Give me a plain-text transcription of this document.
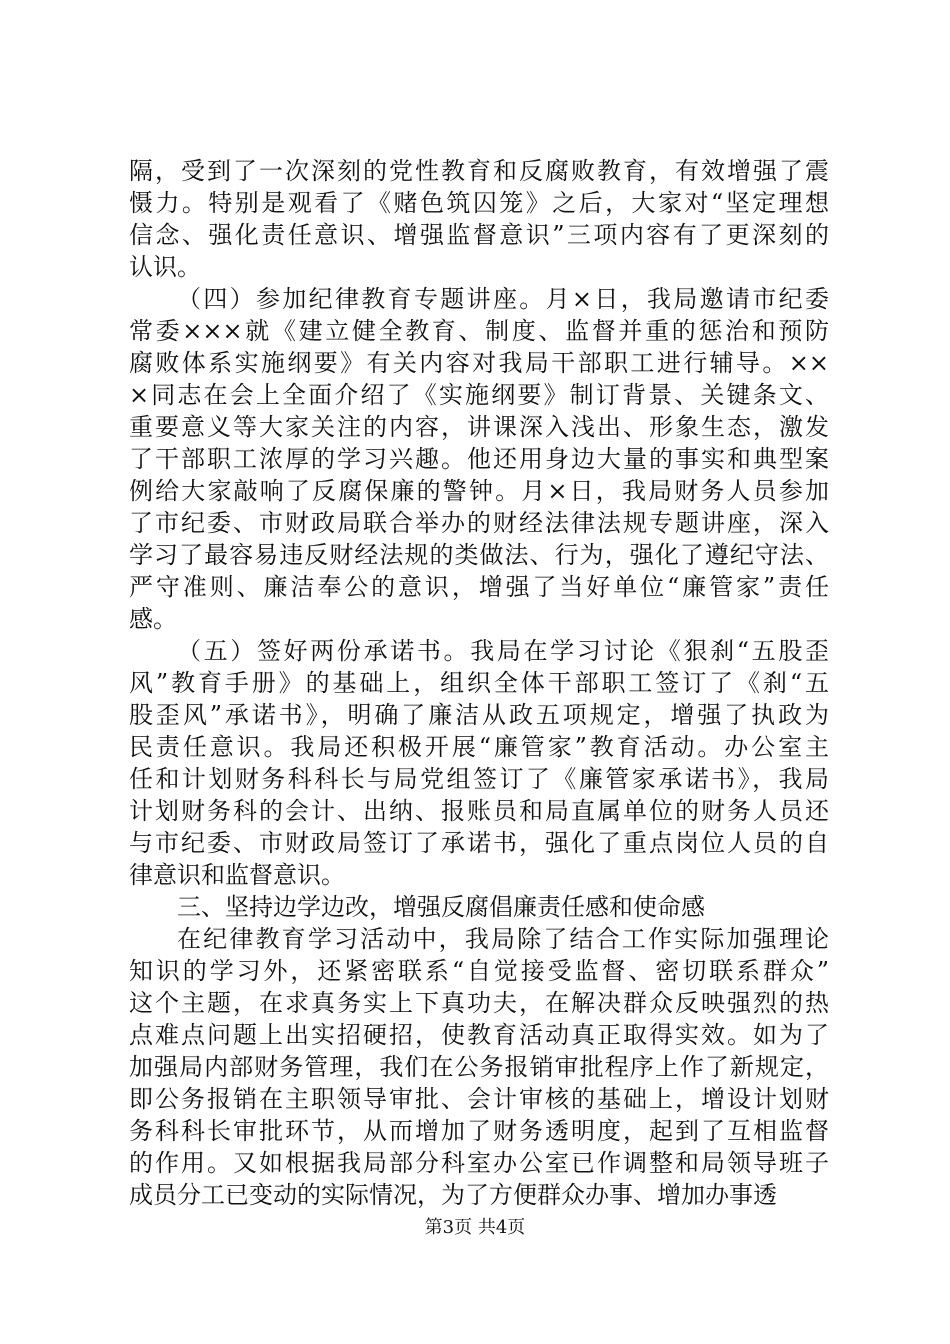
隔，受到了一次深刻的党性教育和反腐败教育，有效增强了震
慑力。特别是观看了《赌色筑囚笼》之后，大家对“坚定理想
信念、强化责任意识、增强监督意识”三项内容有了更深刻的
认识。
（四）参加纪律教育专题讲座。月×日，我局邀请市纪委
常委×××就《建立健全教育、制度、监督并重的惩治和预防
腐败体系实施纲要》有关内容对我局干部职工进行辅导。××
×同志在会上全面介绍了《实施纲要》制订背景、关键条文、
重要意义等大家关注的内容，讲课深入浅出、形象生态，激发
了干部职工浓厚的学习兴趣。他还用身边大量的事实和典型案
例给大家敲响了反腐保廉的警钟。月×日，我局财务人员参加
了市纪委、市财政局联合举办的财经法律法规专题讲座，深入
学习了最容易违反财经法规的类做法、行为，强化了遵纪守法、
严守准则、廉洁奉公的意识，增强了当好单位“廉管家”责任
感。
（五）签好两份承诺书。我局在学习讨论《狠刹“五股歪
风”教育手册》的基础上，组织全体干部职工签订了《刹“五
股歪风”承诺书》，明确了廉洁从政五项规定，增强了执政为
民责任意识。我局还积极开展“廉管家”教育活动。办公室主
任和计划财务科科长与局党组签订了《廉管家承诺书》，我局
计划财务科的会计、出纳、报账员和局直属单位的财务人员还
与市纪委、市财政局签订了承诺书，强化了重点岗位人员的自
律意识和监督意识。
三、坚持边学边改，增强反腐倡廉责任感和使命感
在纪律教育学习活动中，我局除了结合工作实际加强理论
知识的学习外，还紧密联系“自觉接受监督、密切联系群众”
这个主题，在求真务实上下真功夫，在解决群众反映强烈的热
点难点问题上出实招硬招，使教育活动真正取得实效。如为了
加强局内部财务管理，我们在公务报销审批程序上作了新规定，
即公务报销在主职领导审批、会计审核的基础上，增设计划财
务科科长审批环节，从而增加了财务透明度，起到了互相监督
的作用。又如根据我局部分科室办公室已作调整和局领导班子
成员分工已变动的实际情况，为了方便群众办事、增加办事透
第3页 共4页
